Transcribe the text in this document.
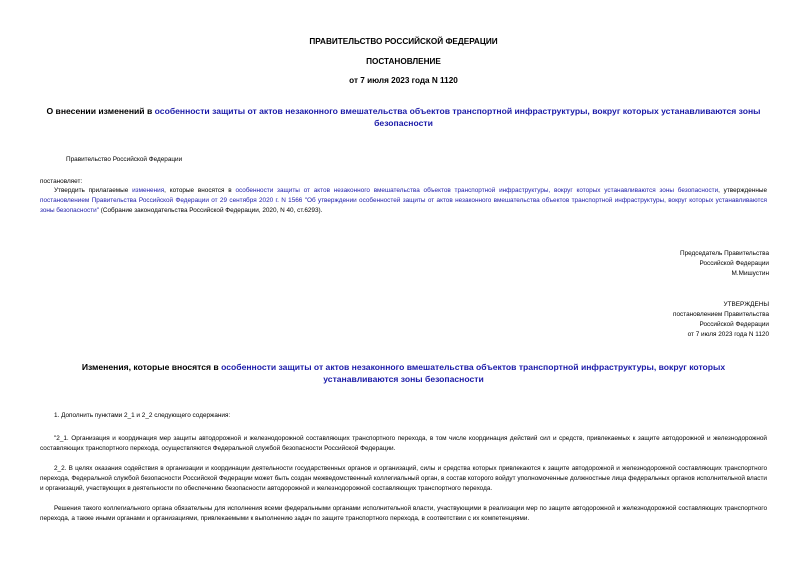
ПРАВИТЕЛЬСТВО РОССИЙСКОЙ ФЕДЕРАЦИИ
ПОСТАНОВЛЕНИЕ
от 7 июля 2023 года N 1120
О внесении изменений в особенности защиты от актов незаконного вмешательства объектов транспортной инфраструктуры, вокруг которых устанавливаются зоны безопасности
Правительство Российской Федерации
постановляет:
Утвердить прилагаемые изменения, которые вносятся в особенности защиты от актов незаконного вмешательства объектов транспортной инфраструктуры, вокруг которых устанавливаются зоны безопасности, утвержденные постановлением Правительства Российской Федерации от 29 сентября 2020 г. N 1566 "Об утверждении особенностей защиты от актов незаконного вмешательства объектов транспортной инфраструктуры, вокруг которых устанавливаются зоны безопасности" (Собрание законодательства Российской Федерации, 2020, N 40, ст.6293).
Председатель Правительства
Российской Федерации
М.Мишустин
УТВЕРЖДЕНЫ
постановлением Правительства
Российской Федерации
от 7 июля 2023 года N 1120
Изменения, которые вносятся в особенности защиты от актов незаконного вмешательства объектов транспортной инфраструктуры, вокруг которых устанавливаются зоны безопасности
1. Дополнить пунктами 2_1 и 2_2 следующего содержания:
"2_1. Организация и координация мер защиты автодорожной и железнодорожной составляющих транспортного перехода, в том числе координация действий сил и средств, привлекаемых к защите автодорожной и железнодорожной составляющих транспортного перехода, осуществляются Федеральной службой безопасности Российской Федерации.
2_2. В целях оказания содействия в организации и координации деятельности государственных органов и организаций, силы и средства которых привлекаются к защите автодорожной и железнодорожной составляющих транспортного перехода, Федеральной службой безопасности Российской Федерации может быть создан межведомственный коллегиальный орган, в состав которого войдут уполномоченные должностные лица федеральных органов исполнительной власти и организаций, участвующих в деятельности по обеспечению безопасности автодорожной и железнодорожной составляющих транспортного перехода.
Решения такого коллегиального органа обязательны для исполнения всеми федеральными органами исполнительной власти, участвующими в реализации мер по защите автодорожной и железнодорожной составляющих транспортного перехода, а также иными органами и организациями, привлекаемыми к выполнению задач по защите транспортного перехода, в соответствии с их компетенциями.
